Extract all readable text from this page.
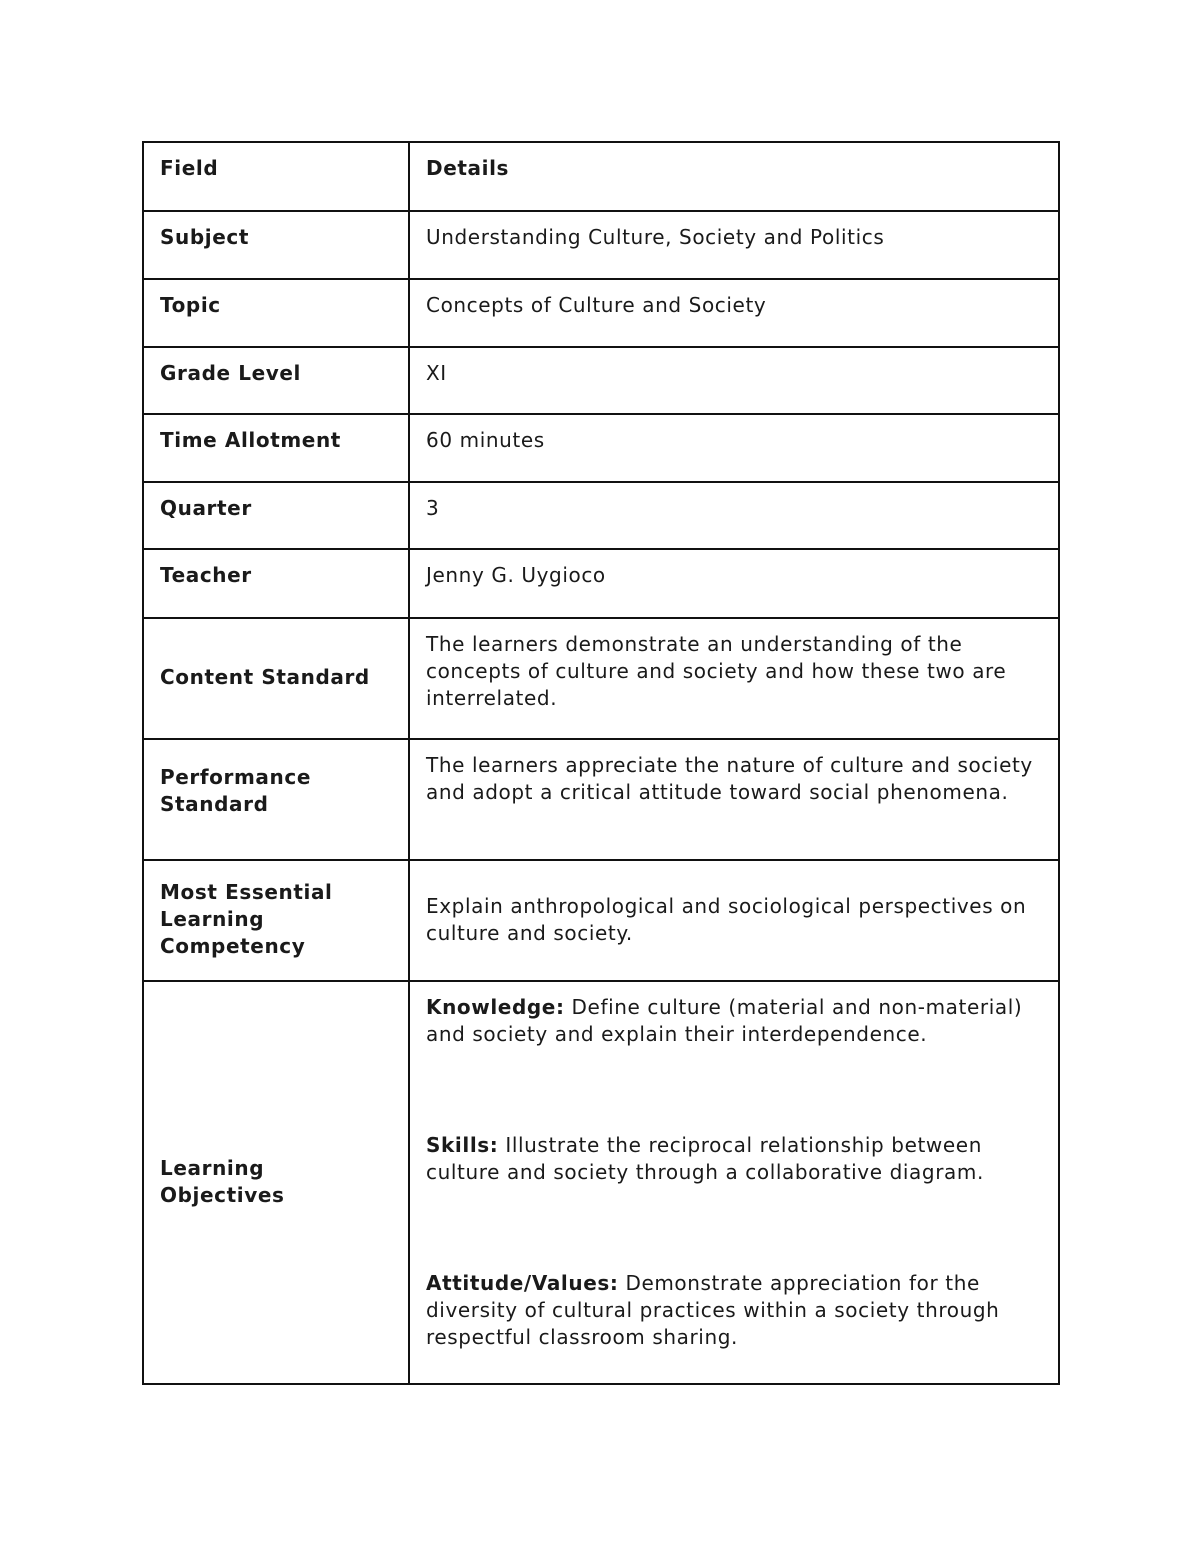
Field	Details
Subject	Understanding Culture, Society and Politics
Topic	Concepts of Culture and Society
Grade Level	XI
Time Allotment	60 minutes
Quarter	3
Teacher	Jenny G. Uygioco
Content Standard	The learners demonstrate an understanding of the concepts of culture and society and how these two are interrelated.
Performance Standard	The learners appreciate the nature of culture and society and adopt a critical attitude toward social phenomena.
Most Essential Learning Competency	Explain anthropological and sociological perspectives on culture and society.
Learning Objectives	Knowledge: Define culture (material and non-material) and society and explain their interdependence.

Skills: Illustrate the reciprocal relationship between culture and society through a collaborative diagram.

Attitude/Values: Demonstrate appreciation for the diversity of cultural practices within a society through respectful classroom sharing.
